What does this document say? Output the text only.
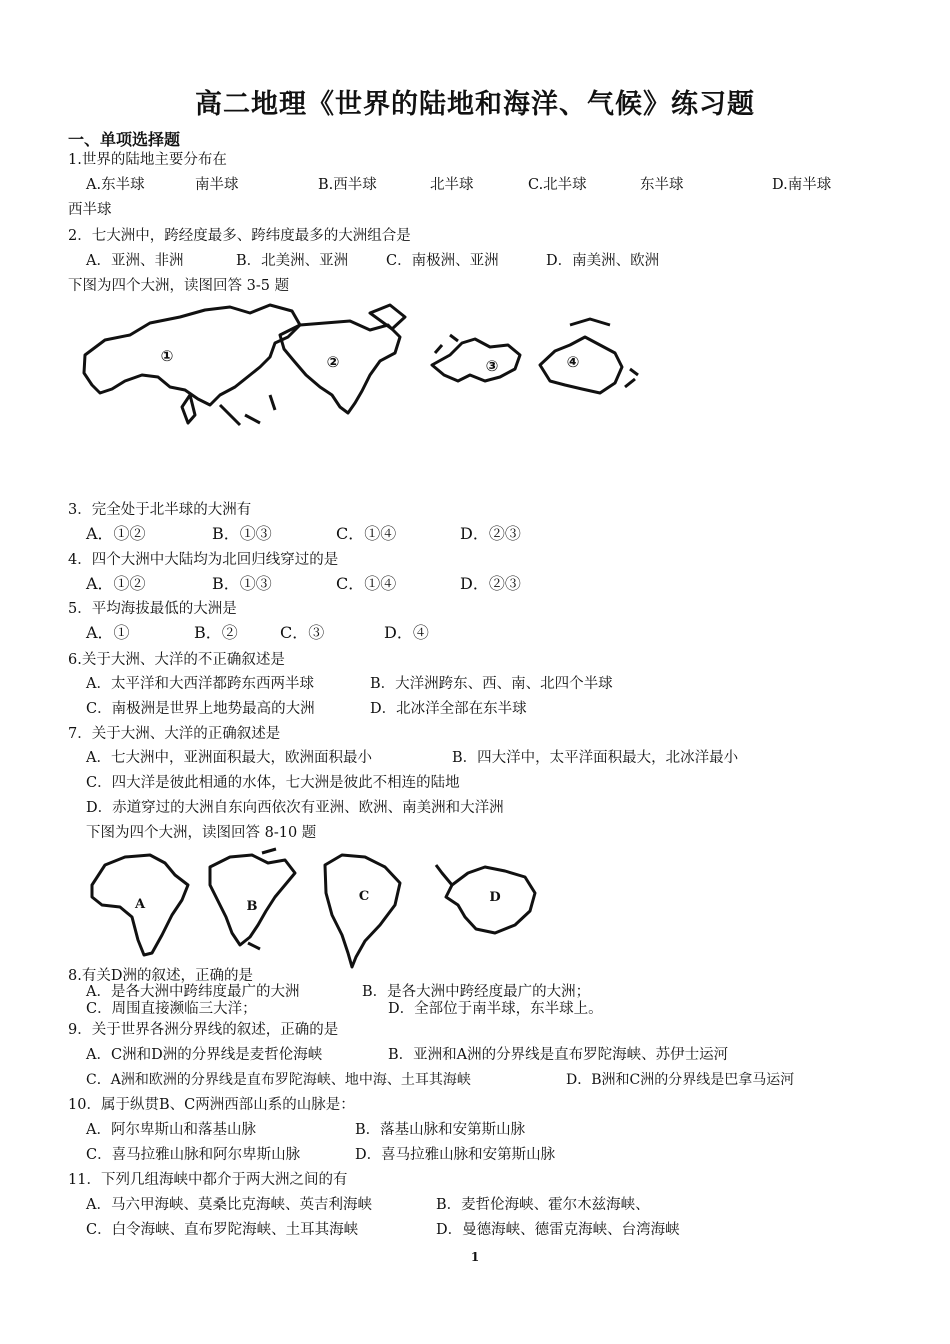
高二地理《世界的陆地和海洋、气候》练习题
一、单项选择题
1.世界的陆地主要分布在
A.东半球	南半球	B.西半球	北半球	C.北半球	东半球	D.南半球
西半球
2．七大洲中，跨经度最多、跨纬度最多的大洲组合是
A．亚洲、非洲	B．北美洲、亚洲	C．南极洲、亚洲	D．南美洲、欧洲
下图为四个大洲，读图回答 3-5 题
①	②	③	④
3．完全处于北半球的大洲有
A．①②	B．①③	C．①④	D．②③
4．四个大洲中大陆均为北回归线穿过的是
A．①②	B．①③	C．①④	D．②③
5．平均海拔最低的大洲是
A．①	B．②	C．③	D．④
6.关于大洲、大洋的不正确叙述是
A．太平洋和大西洋都跨东西两半球	B．大洋洲跨东、西、南、北四个半球
C．南极洲是世界上地势最高的大洲	D．北冰洋全部在东半球
7．关于大洲、大洋的正确叙述是
A．七大洲中，亚洲面积最大，欧洲面积最小	B．四大洋中，太平洋面积最大，北冰洋最小
C．四大洋是彼此相通的水体，七大洲是彼此不相连的陆地
D．赤道穿过的大洲自东向西依次有亚洲、欧洲、南美洲和大洋洲
下图为四个大洲，读图回答 8-10 题
A	B
C	D
8.有关D洲的叙述，正确的是
A．是各大洲中跨纬度最广的大洲	B．是各大洲中跨经度最广的大洲；
C．周围直接濒临三大洋；	D．全部位于南半球，东半球上。
9．关于世界各洲分界线的叙述，正确的是
A．C洲和D洲的分界线是麦哲伦海峡	B．亚洲和A洲的分界线是直布罗陀海峡、苏伊士运河
C．A洲和欧洲的分界线是直布罗陀海峡、地中海、土耳其海峡	D．B洲和C洲的分界线是巴拿马运河
10．属于纵贯B、C两洲西部山系的山脉是：
A．阿尔卑斯山和落基山脉	B．落基山脉和安第斯山脉
C．喜马拉雅山脉和阿尔卑斯山脉	D．喜马拉雅山脉和安第斯山脉
11．下列几组海峡中都介于两大洲之间的有
A．马六甲海峡、莫桑比克海峡、英吉利海峡	B．麦哲伦海峡、霍尔木兹海峡、
C．白令海峡、直布罗陀海峡、土耳其海峡	D．曼德海峡、德雷克海峡、台湾海峡
1
